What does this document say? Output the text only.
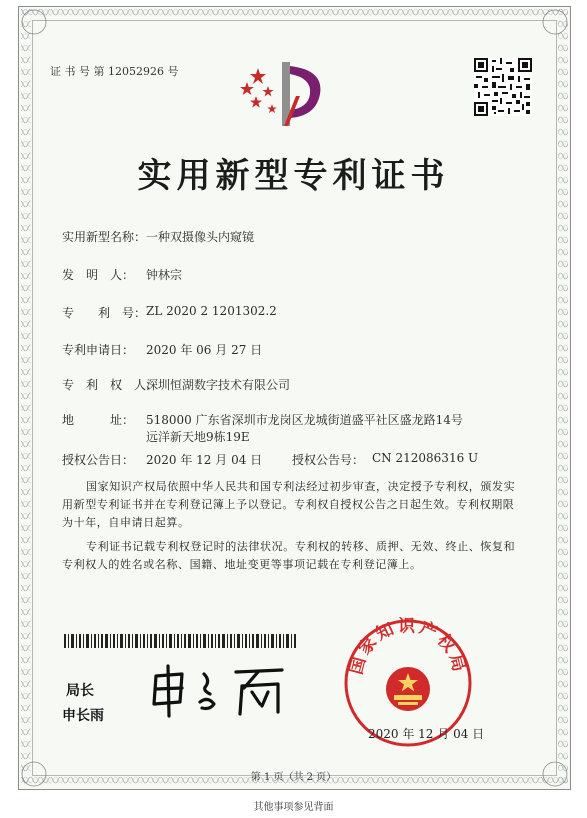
证 书 号 第 12052926 号
实用新型专利证书
实用新型名称： 一种双摄像头内窥镜
发　明　人： 钟林宗
专　　利　号： ZL 2020 2 1201302.2
专利申请日： 2020 年 06 月 27 日
专　利　权　人：
深圳恒湖数字技术有限公司
地　　　址： 518000 广东省深圳市龙岗区龙城街道盛平社区盛龙路14号
远洋新天地9栋19E
授权公告日： 2020 年 12 月 04 日 授权公告号： CN 212086316 U

国家知识产权局依照中华人民共和国专利法经过初步审查，决定授予专利权，颁发实用新型专利证书并在专利登记簿上予以登记。专利权自授权公告之日起生效。专利权期限为十年，自申请日起算。

专利证书记载专利权登记时的法律状况。专利权的转移、质押、无效、终止、恢复和专利权人的姓名或名称、国籍、地址变更等事项记载在专利登记簿上。

局长
申长雨
国家知识产权局
2020 年 12 月 04 日
第 1 页（共 2 页）
其他事项参见背面
